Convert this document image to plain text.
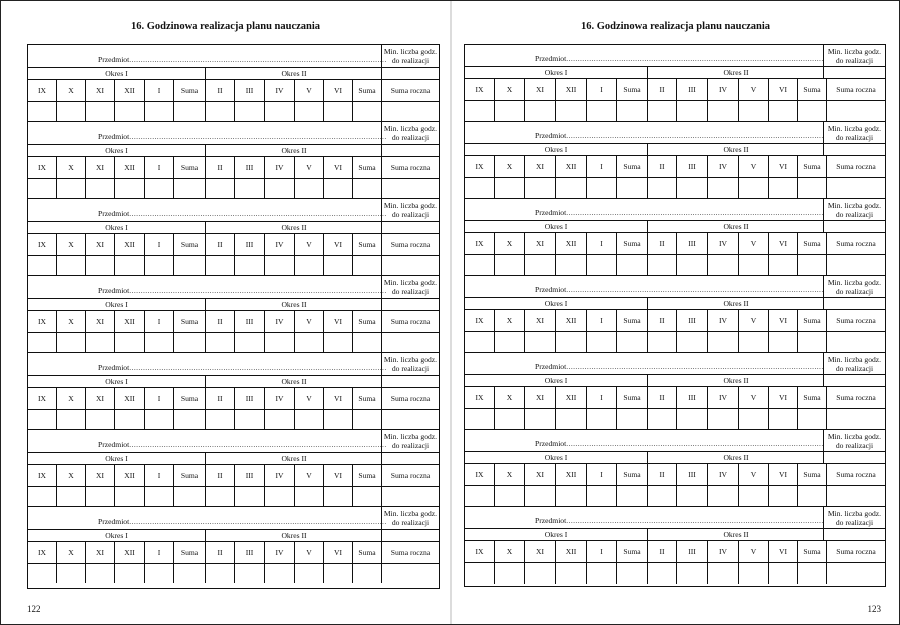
16. Godzinowa realizacja planu nauczania
Przedmiot ................................................................................................................
Min. liczba godz.
do realizacji
Okres I	Okres II
IX	X	XI	XII	I	Suma	II	III	IV	V	VI	Suma	Suma roczna
Przedmiot ................................................................................................................
Min. liczba godz.
do realizacji
Okres I	Okres II
IX	X	XI	XII	I	Suma	II	III	IV	V	VI	Suma	Suma roczna
Przedmiot ................................................................................................................
Min. liczba godz.
do realizacji
Okres I	Okres II
IX	X	XI	XII	I	Suma	II	III	IV	V	VI	Suma	Suma roczna
Przedmiot ................................................................................................................
Min. liczba godz.
do realizacji
Okres I	Okres II
IX	X	XI	XII	I	Suma	II	III	IV	V	VI	Suma	Suma roczna
Przedmiot ................................................................................................................
Min. liczba godz.
do realizacji
Okres I	Okres II
IX	X	XI	XII	I	Suma	II	III	IV	V	VI	Suma	Suma roczna
Przedmiot ................................................................................................................
Min. liczba godz.
do realizacji
Okres I	Okres II
IX	X	XI	XII	I	Suma	II	III	IV	V	VI	Suma	Suma roczna
Przedmiot ................................................................................................................
Min. liczba godz.
do realizacji
Okres I	Okres II
IX	X	XI	XII	I	Suma	II	III	IV	V	VI	Suma	Suma roczna
122
16. Godzinowa realizacja planu nauczania
Przedmiot ................................................................................................................
Min. liczba godz.
do realizacji
Okres I	Okres II
IX	X	XI	XII	I	Suma	II	III	IV	V	VI	Suma	Suma roczna
Przedmiot ................................................................................................................
Min. liczba godz.
do realizacji
Okres I	Okres II
IX	X	XI	XII	I	Suma	II	III	IV	V	VI	Suma	Suma roczna
Przedmiot ................................................................................................................
Min. liczba godz.
do realizacji
Okres I	Okres II
IX	X	XI	XII	I	Suma	II	III	IV	V	VI	Suma	Suma roczna
Przedmiot ................................................................................................................
Min. liczba godz.
do realizacji
Okres I	Okres II
IX	X	XI	XII	I	Suma	II	III	IV	V	VI	Suma	Suma roczna
Przedmiot ................................................................................................................
Min. liczba godz.
do realizacji
Okres I	Okres II
IX	X	XI	XII	I	Suma	II	III	IV	V	VI	Suma	Suma roczna
Przedmiot ................................................................................................................
Min. liczba godz.
do realizacji
Okres I	Okres II
IX	X	XI	XII	I	Suma	II	III	IV	V	VI	Suma	Suma roczna
Przedmiot ................................................................................................................
Min. liczba godz.
do realizacji
Okres I	Okres II
IX	X	XI	XII	I	Suma	II	III	IV	V	VI	Suma	Suma roczna
123
